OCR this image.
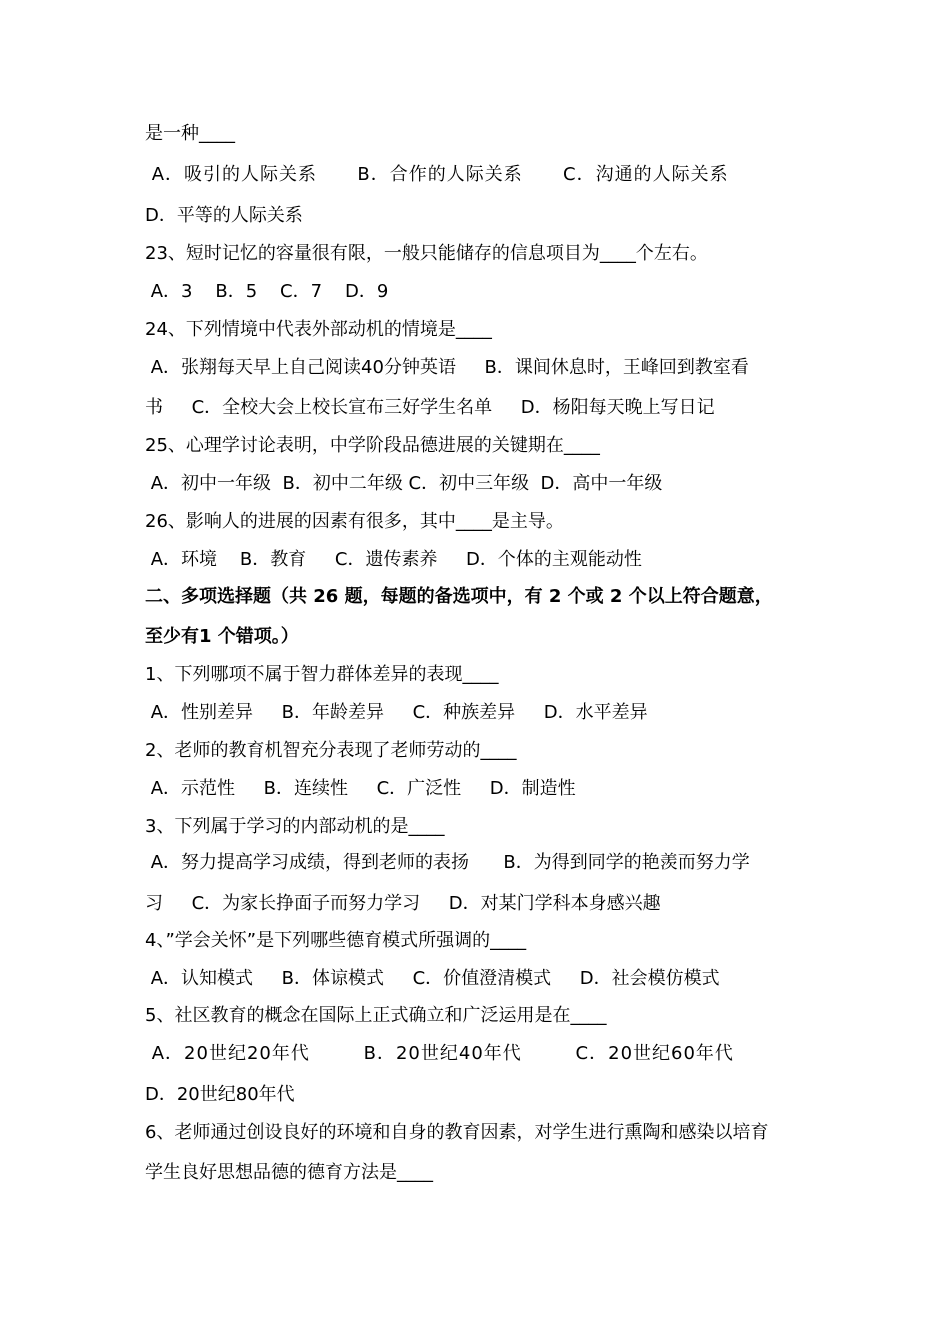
是一种____
A．吸引的人际关系      B．合作的人际关系      C．沟通的人际关系
D．平等的人际关系
23、短时记忆的容量很有限，一般只能储存的信息项目为____个左右。
A．3    B．5    C．7    D．9
24、下列情境中代表外部动机的情境是____
A．张翔每天早上自己阅读40分钟英语     B．课间休息时，王峰回到教室看
书     C．全校大会上校长宣布三好学生名单     D．杨阳每天晚上写日记
25、心理学讨论表明，中学阶段品德进展的关键期在____
A．初中一年级  B．初中二年级 C．初中三年级  D．高中一年级
26、影响人的进展的因素有很多，其中____是主导。
A．环境    B．教育     C．遗传素养     D．个体的主观能动性
二、多项选择题（共 26 题，每题的备选项中，有 2 个或 2 个以上符合题意，
至少有1 个错项。）
1、下列哪项不属于智力群体差异的表现____
A．性别差异     B．年龄差异     C．种族差异     D．水平差异
2、老师的教育机智充分表现了老师劳动的____
A．示范性     B．连续性     C．广泛性     D．制造性
3、下列属于学习的内部动机的是____
A．努力提高学习成绩，得到老师的表扬      B．为得到同学的艳羡而努力学
习     C．为家长挣面子而努力学习     D．对某门学科本身感兴趣
4、”学会关怀”是下列哪些德育模式所强调的____
A．认知模式     B．体谅模式     C．价值澄清模式     D．社会模仿模式
5、社区教育的概念在国际上正式确立和广泛运用是在____
A．20世纪20年代        B．20世纪40年代        C．20世纪60年代
D．20世纪80年代
6、老师通过创设良好的环境和自身的教育因素，对学生进行熏陶和感染以培育
学生良好思想品德的德育方法是____
